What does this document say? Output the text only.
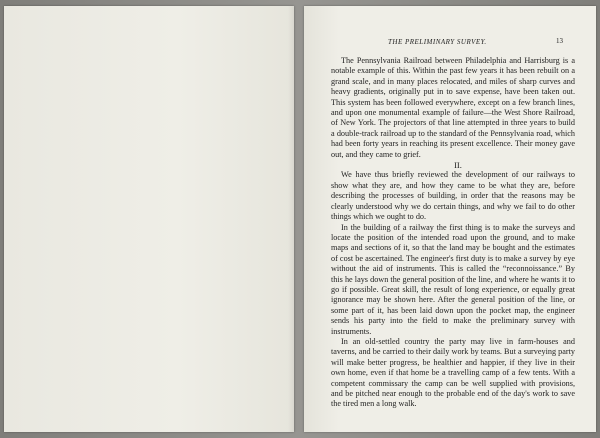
THE PRELIMINARY SURVEY.	13

The Pennsylvania Railroad between Philadelphia and Harrisburg is a notable example of this. Within the past few years it has been rebuilt on a grand scale, and in many places relocated, and miles of sharp curves and heavy gradients, originally put in to save expense, have been taken out. This system has been followed everywhere, except on a few branch lines, and upon one monumental example of failure—the West Shore Railroad, of New York. The projectors of that line attempted in three years to build a double-track railroad up to the standard of the Pennsylvania road, which had been forty years in reaching its present excellence. Their money gave out, and they came to grief.

II.

We have thus briefly reviewed the development of our railways to show what they are, and how they came to be what they are, before describing the processes of building, in order that the reasons may be clearly understood why we do certain things, and why we fail to do other things which we ought to do.

In the building of a railway the first thing is to make the surveys and locate the position of the intended road upon the ground, and to make maps and sections of it, so that the land may be bought and the estimates of cost be ascertained. The engineer's first duty is to make a survey by eye without the aid of instruments. This is called the “reconnoissance.” By this he lays down the general position of the line, and where he wants it to go if possible. Great skill, the result of long experience, or equally great ignorance may be shown here. After the general position of the line, or some part of it, has been laid down upon the pocket map, the engineer sends his party into the field to make the preliminary survey with instruments.

In an old-settled country the party may live in farm-houses and taverns, and be carried to their daily work by teams. But a surveying party will make better progress, be healthier and happier, if they live in their own home, even if that home be a travelling camp of a few tents. With a competent commissary the camp can be well supplied with provisions, and be pitched near enough to the probable end of the day's work to save the tired men a long walk.
